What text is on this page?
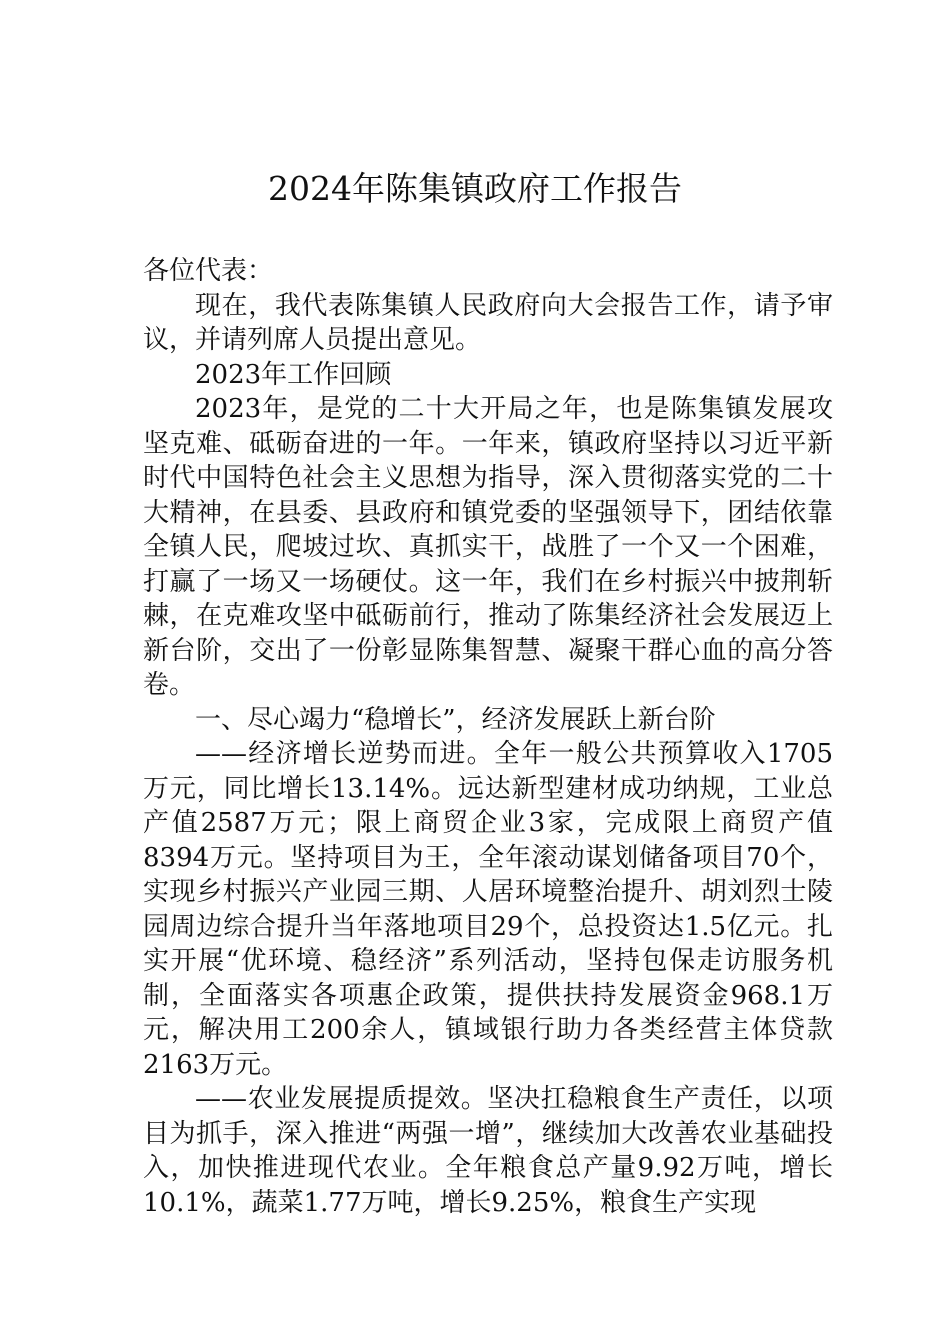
2024年陈集镇政府工作报告

各位代表：

现在，我代表陈集镇人民政府向大会报告工作，请予审议，并请列席人员提出意见。

2023年工作回顾

2023年，是党的二十大开局之年，也是陈集镇发展攻坚克难、砥砺奋进的一年。一年来，镇政府坚持以习近平新时代中国特色社会主义思想为指导，深入贯彻落实党的二十大精神，在县委、县政府和镇党委的坚强领导下，团结依靠全镇人民，爬坡过坎、真抓实干，战胜了一个又一个困难，打赢了一场又一场硬仗。这一年，我们在乡村振兴中披荆斩棘，在克难攻坚中砥砺前行，推动了陈集经济社会发展迈上新台阶，交出了一份彰显陈集智慧、凝聚干群心血的高分答卷。

一、尽心竭力“稳增长”，经济发展跃上新台阶

——经济增长逆势而进。全年一般公共预算收入1705万元，同比增长13.14%。远达新型建材成功纳规，工业总产值2587万元；限上商贸企业3家，完成限上商贸产值8394万元。坚持项目为王，全年滚动谋划储备项目70个，实现乡村振兴产业园三期、人居环境整治提升、胡刘烈士陵园周边综合提升当年落地项目29个，总投资达1.5亿元。扎实开展“优环境、稳经济”系列活动，坚持包保走访服务机制，全面落实各项惠企政策，提供扶持发展资金968.1万元，解决用工200余人，镇域银行助力各类经营主体贷款2163万元。

——农业发展提质提效。坚决扛稳粮食生产责任，以项目为抓手，深入推进“两强一增”，继续加大改善农业基础投入，加快推进现代农业。全年粮食总产量9.92万吨，增长10.1%，蔬菜1.77万吨，增长9.25%，粮食生产实现
